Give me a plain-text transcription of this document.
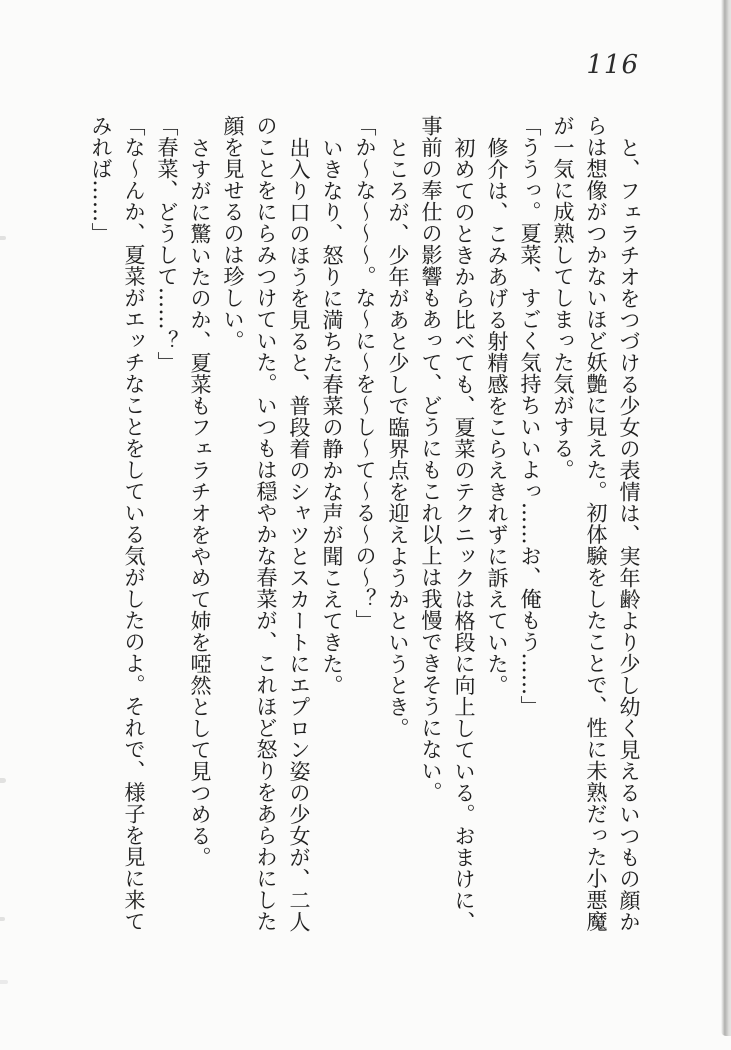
116

と、フェラチオをつづける少女の表情は、実年齢より少し幼く見えるいつもの顔か

らは想像がつかないほど妖艶に見えた。初体験をしたことで、性に未熟だった小悪魔

が一気に成熟してしまった気がする。

「ううっ。夏菜、すごく気持ちいいよっ……お、俺もう……」

修介は、こみあげる射精感をこらえきれずに訴えていた。

初めてのときから比べても、夏菜のテクニックは格段に向上している。おまけに、

事前の奉仕の影響もあって、どうにもこれ以上は我慢できそうにない。

ところが、少年があと少しで臨界点を迎えようかというとき。

「か～な～～～。な～に～を～し～て～る～の～？」

いきなり、怒りに満ちた春菜の静かな声が聞こえてきた。

出入り口のほうを見ると、普段着のシャツとスカートにエプロン姿の少女が、二人

のことをにらみつけていた。いつもは穏やかな春菜が、これほど怒りをあらわにした

顔を見せるのは珍しい。

さすがに驚いたのか、夏菜もフェラチオをやめて姉を啞然として見つめる。

「春菜、どうして……？」

「な～んか、夏菜がエッチなことをしている気がしたのよ。それで、様子を見に来て

みれば……」
